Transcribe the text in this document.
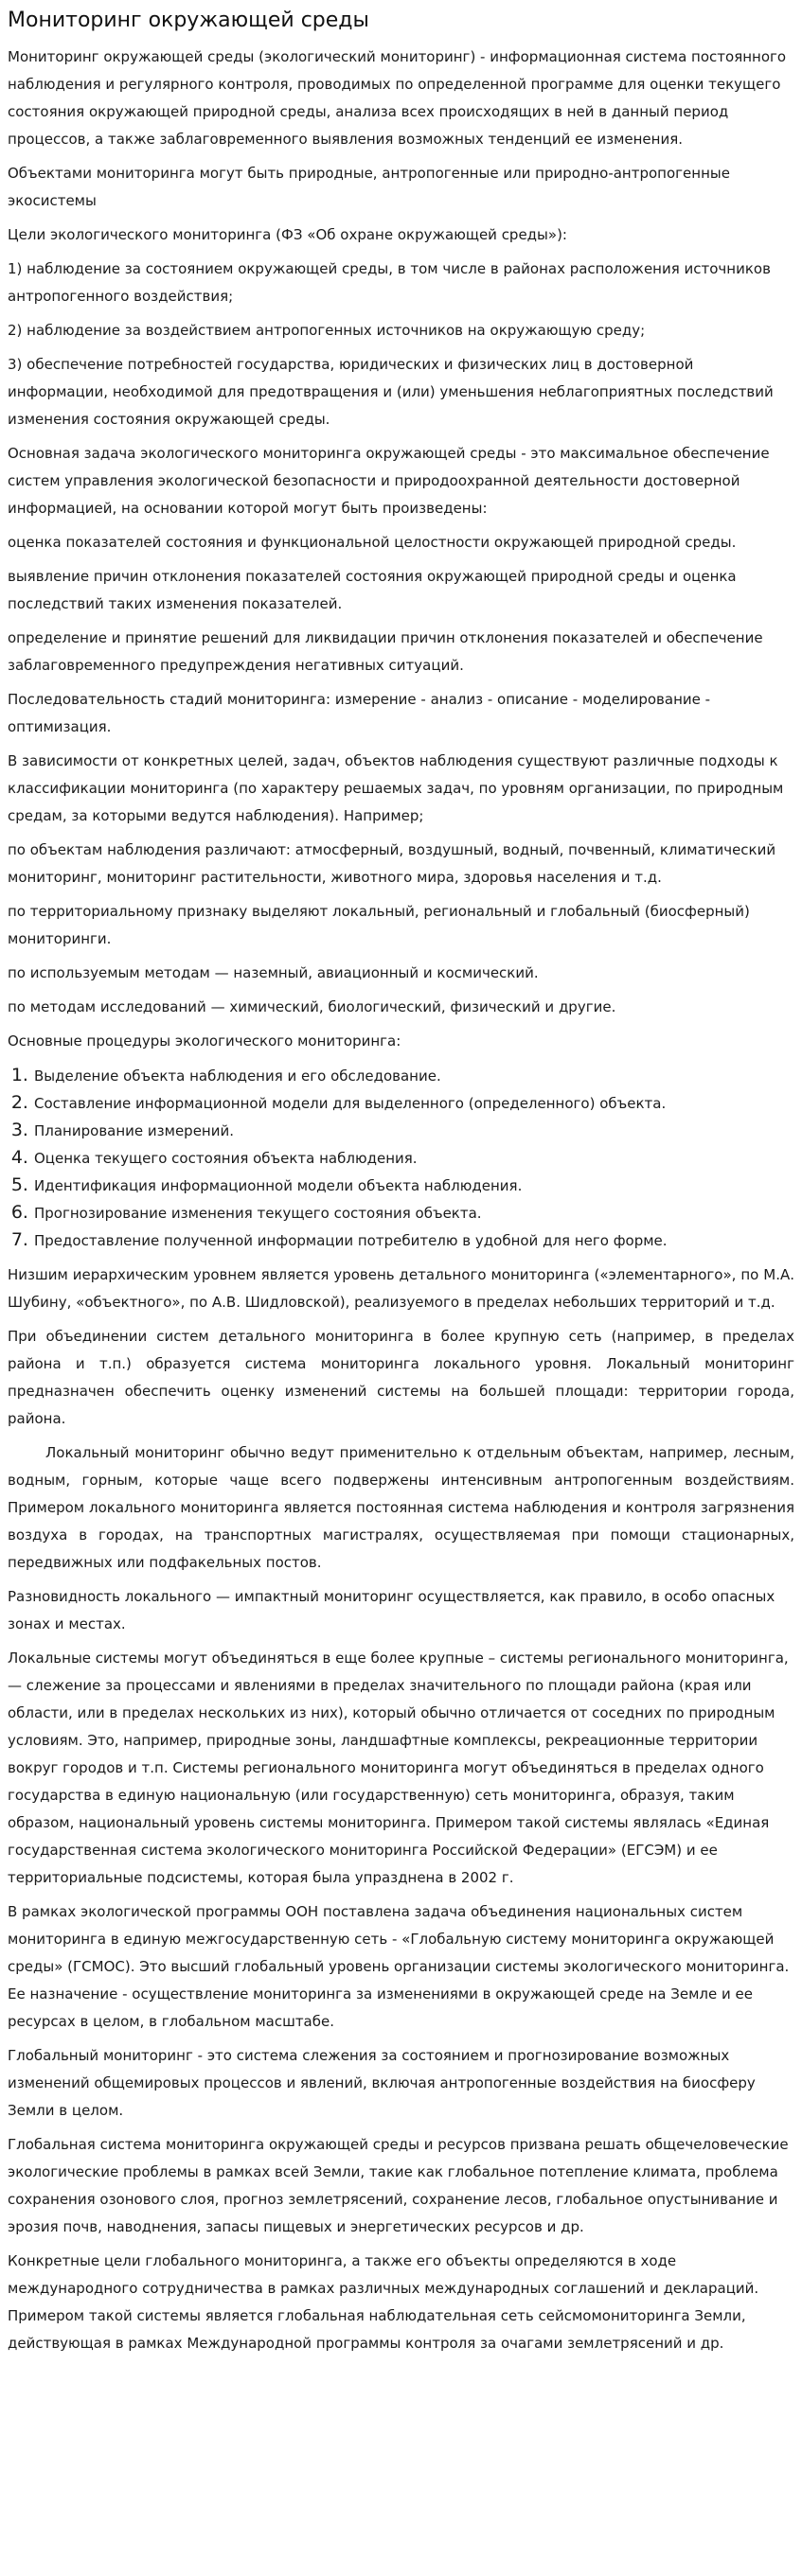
Мониторинг окружающей среды

Мониторинг окружающей среды (экологический мониторинг) - информационная система постоянного наблюдения и регулярного контроля, проводимых по определенной программе для оценки текущего состояния окружающей природной среды, анализа всех происходящих в ней в данный период процессов, а также заблаговременного выявления возможных тенденций ее изменения.

Объектами мониторинга могут быть природные, антропогенные или природно-антропогенные экосистемы

Цели экологического мониторинга (ФЗ «Об охране окружающей среды»):

1) наблюдение за состоянием окружающей среды, в том числе в районах расположения источников антропогенного воздействия;

2) наблюдение за воздействием антропогенных источников на окружающую среду;

3) обеспечение потребностей государства, юридических и физических лиц в достоверной информации, необходимой для предотвращения и (или) уменьшения неблагоприятных последствий изменения состояния окружающей среды.

Основная задача экологического мониторинга окружающей среды - это максимальное обеспечение систем управления экологической безопасности и природоохранной деятельности достоверной информацией, на основании которой могут быть произведены:

оценка показателей состояния и функциональной целостности окружающей природной среды.

выявление причин отклонения показателей состояния окружающей природной среды и оценка последствий таких изменения показателей.

определение и принятие решений для ликвидации причин отклонения показателей и обеспечение заблаговременного предупреждения негативных ситуаций.

Последовательность стадий мониторинга: измерение - анализ - описание - моделирование - оптимизация.

В зависимости от конкретных целей, задач, объектов наблюдения существуют различные подходы к классификации мониторинга (по характеру решаемых задач, по уровням организации, по природным средам, за которыми ведутся наблюдения). Например;

по объектам наблюдения различают: атмосферный, воздушный, водный, почвенный, климатический мониторинг, мониторинг растительности, животного мира, здоровья населения и т.д.

по территориальному признаку выделяют локальный, региональный и глобальный (биосферный) мониторинги.

по используемым методам — наземный, авиационный и космический.

по методам исследований — химический, биологический, физический и другие.

Основные процедуры экологического мониторинга:

1. Выделение объекта наблюдения и его обследование.
2. Составление информационной модели для выделенного (определенного) объекта.
3. Планирование измерений.
4. Оценка текущего состояния объекта наблюдения.
5. Идентификация информационной модели объекта наблюдения.
6. Прогнозирование изменения текущего состояния объекта.
7. Предоставление полученной информации потребителю в удобной для него форме.

Низшим иерархическим уровнем является уровень детального мониторинга («элементарного», по М.А. Шубину, «объектного», по А.В. Шидловской), реализуемого в пределах небольших территорий и т.д.

При объединении систем детального мониторинга в более крупную сеть (например, в пределах района и т.п.) образуется система мониторинга локального уровня. Локальный мониторинг предназначен обеспечить оценку изменений системы на большей площади: территории города, района.

Локальный мониторинг обычно ведут применительно к отдельным объектам, например, лесным, водным, горным, которые чаще всего подвержены интенсивным антропогенным воздействиям. Примером локального мониторинга является постоянная система наблюдения и контроля загрязнения воздуха в городах, на транспортных магистралях, осуществляемая при помощи стационарных, передвижных или подфакельных постов.

Разновидность локального — импактный мониторинг осуществляется, как правило, в особо опасных зонах и местах.

Локальные системы могут объединяться в еще более крупные – системы регионального мониторинга, — слежение за процессами и явлениями в пределах значительного по площади района (края или области, или в пределах нескольких из них), который обычно отличается от соседних по природным условиям. Это, например, природные зоны, ландшафтные комплексы, рекреационные территории вокруг городов и т.п. Системы регионального мониторинга могут объединяться в пределах одного государства в единую национальную (или государственную) сеть мониторинга, образуя, таким образом, национальный уровень системы мониторинга. Примером такой системы являлась «Единая государственная система экологического мониторинга Российской Федерации» (ЕГСЭМ) и ее территориальные подсистемы, которая была упразднена в 2002 г.

В рамках экологической программы ООН поставлена задача объединения национальных систем мониторинга в единую межгосударственную сеть - «Глобальную систему мониторинга окружающей среды» (ГСМОС). Это высший глобальный уровень организации системы экологического мониторинга. Ее назначение - осуществление мониторинга за изменениями в окружающей среде на Земле и ее ресурсах в целом, в глобальном масштабе.

Глобальный мониторинг - это система слежения за состоянием и прогнозирование возможных изменений общемировых процессов и явлений, включая антропогенные воздействия на биосферу Земли в целом.

Глобальная система мониторинга окружающей среды и ресурсов призвана решать общечеловеческие экологические проблемы в рамках всей Земли, такие как глобальное потепление климата, проблема сохранения озонового слоя, прогноз землетрясений, сохранение лесов, глобальное опустынивание и эрозия почв, наводнения, запасы пищевых и энергетических ресурсов и др.

Конкретные цели глобального мониторинга, а также его объекты определяются в ходе международного сотрудничества в рамках различных международных соглашений и деклараций. Примером такой системы является глобальная наблюдательная сеть сейсмомониторинга Земли, действующая в рамках Международной программы контроля за очагами землетрясений и др.
